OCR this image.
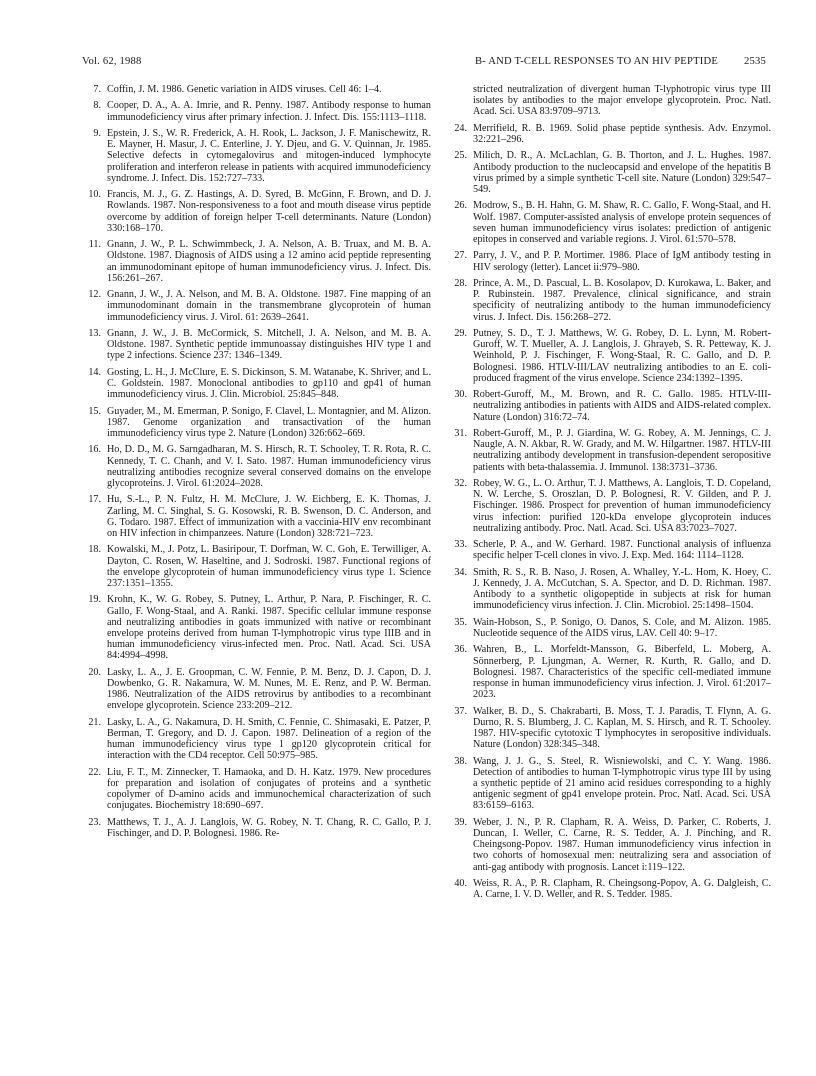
Vol. 62, 1988	B- AND T-CELL RESPONSES TO AN HIV PEPTIDE 2535
7. Coffin, J. M. 1986. Genetic variation in AIDS viruses. Cell 46: 1–4.
8. Cooper, D. A., A. A. Imrie, and R. Penny. 1987. Antibody response to human immunodeficiency virus after primary infection. J. Infect. Dis. 155:1113–1118.
9. Epstein, J. S., W. R. Frederick, A. H. Rook, L. Jackson, J. F. Manischewitz, R. E. Mayner, H. Masur, J. C. Enterline, J. Y. Djeu, and G. V. Quinnan, Jr. 1985. Selective defects in cytomegalovirus and mitogen-induced lymphocyte proliferation and interferon release in patients with acquired immunodeficiency syndrome. J. Infect. Dis. 152:727–733.
10. Francis, M. J., G. Z. Hastings, A. D. Syred, B. McGinn, F. Brown, and D. J. Rowlands. 1987. Non-responsiveness to a foot and mouth disease virus peptide overcome by addition of foreign helper T-cell determinants. Nature (London) 330:168–170.
11. Gnann, J. W., P. L. Schwimmbeck, J. A. Nelson, A. B. Truax, and M. B. A. Oldstone. 1987. Diagnosis of AIDS using a 12 amino acid peptide representing an immunodominant epitope of human immunodeficiency virus. J. Infect. Dis. 156:261–267.
12. Gnann, J. W., J. A. Nelson, and M. B. A. Oldstone. 1987. Fine mapping of an immunodominant domain in the transmembrane glycoprotein of human immunodeficiency virus. J. Virol. 61: 2639–2641.
13. Gnann, J. W., J. B. McCormick, S. Mitchell, J. A. Nelson, and M. B. A. Oldstone. 1987. Synthetic peptide immunoassay distinguishes HIV type 1 and type 2 infections. Science 237: 1346–1349.
14. Gosting, L. H., J. McClure, E. S. Dickinson, S. M. Watanabe, K. Shriver, and L. C. Goldstein. 1987. Monoclonal antibodies to gp110 and gp41 of human immunodeficiency virus. J. Clin. Microbiol. 25:845–848.
15. Guyader, M., M. Emerman, P. Sonigo, F. Clavel, L. Montagnier, and M. Alizon. 1987. Genome organization and transactivation of the human immunodeficiency virus type 2. Nature (London) 326:662–669.
16. Ho, D. D., M. G. Sarngadharan, M. S. Hirsch, R. T. Schooley, T. R. Rota, R. C. Kennedy, T. C. Chanh, and V. I. Sato. 1987. Human immunodeficiency virus neutralizing antibodies recognize several conserved domains on the envelope glycoproteins. J. Virol. 61:2024–2028.
17. Hu, S.-L., P. N. Fultz, H. M. McClure, J. W. Eichberg, E. K. Thomas, J. Zarling, M. C. Singhal, S. G. Kosowski, R. B. Swenson, D. C. Anderson, and G. Todaro. 1987. Effect of immunization with a vaccinia-HIV env recombinant on HIV infection in chimpanzees. Nature (London) 328:721–723.
18. Kowalski, M., J. Potz, L. Basiripour, T. Dorfman, W. C. Goh, E. Terwilliger, A. Dayton, C. Rosen, W. Haseltine, and J. Sodroski. 1987. Functional regions of the envelope glycoprotein of human immunodeficiency virus type 1. Science 237:1351–1355.
19. Krohn, K., W. G. Robey, S. Putney, L. Arthur, P. Nara, P. Fischinger, R. C. Gallo, F. Wong-Staal, and A. Ranki. 1987. Specific cellular immune response and neutralizing antibodies in goats immunized with native or recombinant envelope proteins derived from human T-lymphotropic virus type IIIB and in human immunodeficiency virus-infected men. Proc. Natl. Acad. Sci. USA 84:4994–4998.
20. Lasky, L. A., J. E. Groopman, C. W. Fennie, P. M. Benz, D. J. Capon, D. J. Dowbenko, G. R. Nakamura, W. M. Nunes, M. E. Renz, and P. W. Berman. 1986. Neutralization of the AIDS retrovirus by antibodies to a recombinant envelope glycoprotein. Science 233:209–212.
21. Lasky, L. A., G. Nakamura, D. H. Smith, C. Fennie, C. Shimasaki, E. Patzer, P. Berman, T. Gregory, and D. J. Capon. 1987. Delineation of a region of the human immunodeficiency virus type 1 gp120 glycoprotein critical for interaction with the CD4 receptor. Cell 50:975–985.
22. Liu, F. T., M. Zinnecker, T. Hamaoka, and D. H. Katz. 1979. New procedures for preparation and isolation of conjugates of proteins and a synthetic copolymer of D-amino acids and immunochemical characterization of such conjugates. Biochemistry 18:690–697.
23. Matthews, T. J., A. J. Langlois, W. G. Robey, N. T. Chang, R. C. Gallo, P. J. Fischinger, and D. P. Bolognesi. 1986. Re-
stricted neutralization of divergent human T-lyphotropic virus type III isolates by antibodies to the major envelope glycoprotein. Proc. Natl. Acad. Sci. USA 83:9709–9713.
24. Merrifield, R. B. 1969. Solid phase peptide synthesis. Adv. Enzymol. 32:221–296.
25. Milich, D. R., A. McLachlan, G. B. Thorton, and J. L. Hughes. 1987. Antibody production to the nucleocapsid and envelope of the hepatitis B virus primed by a simple synthetic T-cell site. Nature (London) 329:547–549.
26. Modrow, S., B. H. Hahn, G. M. Shaw, R. C. Gallo, F. Wong-Staal, and H. Wolf. 1987. Computer-assisted analysis of envelope protein sequences of seven human immunodeficiency virus isolates: prediction of antigenic epitopes in conserved and variable regions. J. Virol. 61:570–578.
27. Parry, J. V., and P. P. Mortimer. 1986. Place of IgM antibody testing in HIV serology (letter). Lancet ii:979–980.
28. Prince, A. M., D. Pascual, L. B. Kosolapov, D. Kurokawa, L. Baker, and P. Rubinstein. 1987. Prevalence, clinical significance, and strain specificity of neutralizing antibody to the human immunodeficiency virus. J. Infect. Dis. 156:268–272.
29. Putney, S. D., T. J. Matthews, W. G. Robey, D. L. Lynn, M. Robert-Guroff, W. T. Mueller, A. J. Langlois, J. Ghrayeb, S. R. Petteway, K. J. Weinhold, P. J. Fischinger, F. Wong-Staal, R. C. Gallo, and D. P. Bolognesi. 1986. HTLV-III/LAV neutralizing antibodies to an E. coli-produced fragment of the virus envelope. Science 234:1392–1395.
30. Robert-Guroff, M., M. Brown, and R. C. Gallo. 1985. HTLV-III-neutralizing antibodies in patients with AIDS and AIDS-related complex. Nature (London) 316:72–74.
31. Robert-Guroff, M., P. J. Giardina, W. G. Robey, A. M. Jennings, C. J. Naugle, A. N. Akbar, R. W. Grady, and M. W. Hilgartner. 1987. HTLV-III neutralizing antibody development in transfusion-dependent seropositive patients with beta-thalassemia. J. Immunol. 138:3731–3736.
32. Robey, W. G., L. O. Arthur, T. J. Matthews, A. Langlois, T. D. Copeland, N. W. Lerche, S. Oroszlan, D. P. Bolognesi, R. V. Gilden, and P. J. Fischinger. 1986. Prospect for prevention of human immunodeficiency virus infection: purified 120-kDa envelope glycoprotein induces neutralizing antibody. Proc. Natl. Acad. Sci. USA 83:7023–7027.
33. Scherle, P. A., and W. Gerhard. 1987. Functional analysis of influenza specific helper T-cell clones in vivo. J. Exp. Med. 164: 1114–1128.
34. Smith, R. S., R. B. Naso, J. Rosen, A. Whalley, Y.-L. Hom, K. Hoey, C. J. Kennedy, J. A. McCutchan, S. A. Spector, and D. D. Richman. 1987. Antibody to a synthetic oligopeptide in subjects at risk for human immunodeficiency virus infection. J. Clin. Microbiol. 25:1498–1504.
35. Wain-Hobson, S., P. Sonigo, O. Danos, S. Cole, and M. Alizon. 1985. Nucleotide sequence of the AIDS virus, LAV. Cell 40: 9–17.
36. Wahren, B., L. Morfeldt-Mansson, G. Biberfeld, L. Moberg, A. Sönnerberg, P. Ljungman, A. Werner, R. Kurth, R. Gallo, and D. Bolognesi. 1987. Characteristics of the specific cell-mediated immune response in human immunodeficiency virus infection. J. Virol. 61:2017–2023.
37. Walker, B. D., S. Chakrabarti, B. Moss, T. J. Paradis, T. Flynn, A. G. Durno, R. S. Blumberg, J. C. Kaplan, M. S. Hirsch, and R. T. Schooley. 1987. HIV-specific cytotoxic T lymphocytes in seropositive individuals. Nature (London) 328:345–348.
38. Wang, J. J. G., S. Steel, R. Wisniewolski, and C. Y. Wang. 1986. Detection of antibodies to human T-lymphotropic virus type III by using a synthetic peptide of 21 amino acid residues corresponding to a highly antigenic segment of gp41 envelope protein. Proc. Natl. Acad. Sci. USA 83:6159–6163.
39. Weber, J. N., P. R. Clapham, R. A. Weiss, D. Parker, C. Roberts, J. Duncan, I. Weller, C. Carne, R. S. Tedder, A. J. Pinching, and R. Cheingsong-Popov. 1987. Human immunodeficiency virus infection in two cohorts of homosexual men: neutralizing sera and association of anti-gag antibody with prognosis. Lancet i:119–122.
40. Weiss, R. A., P. R. Clapham, R. Cheingsong-Popov, A. G. Dalgleish, C. A. Carne, I. V. D. Weller, and R. S. Tedder. 1985.
